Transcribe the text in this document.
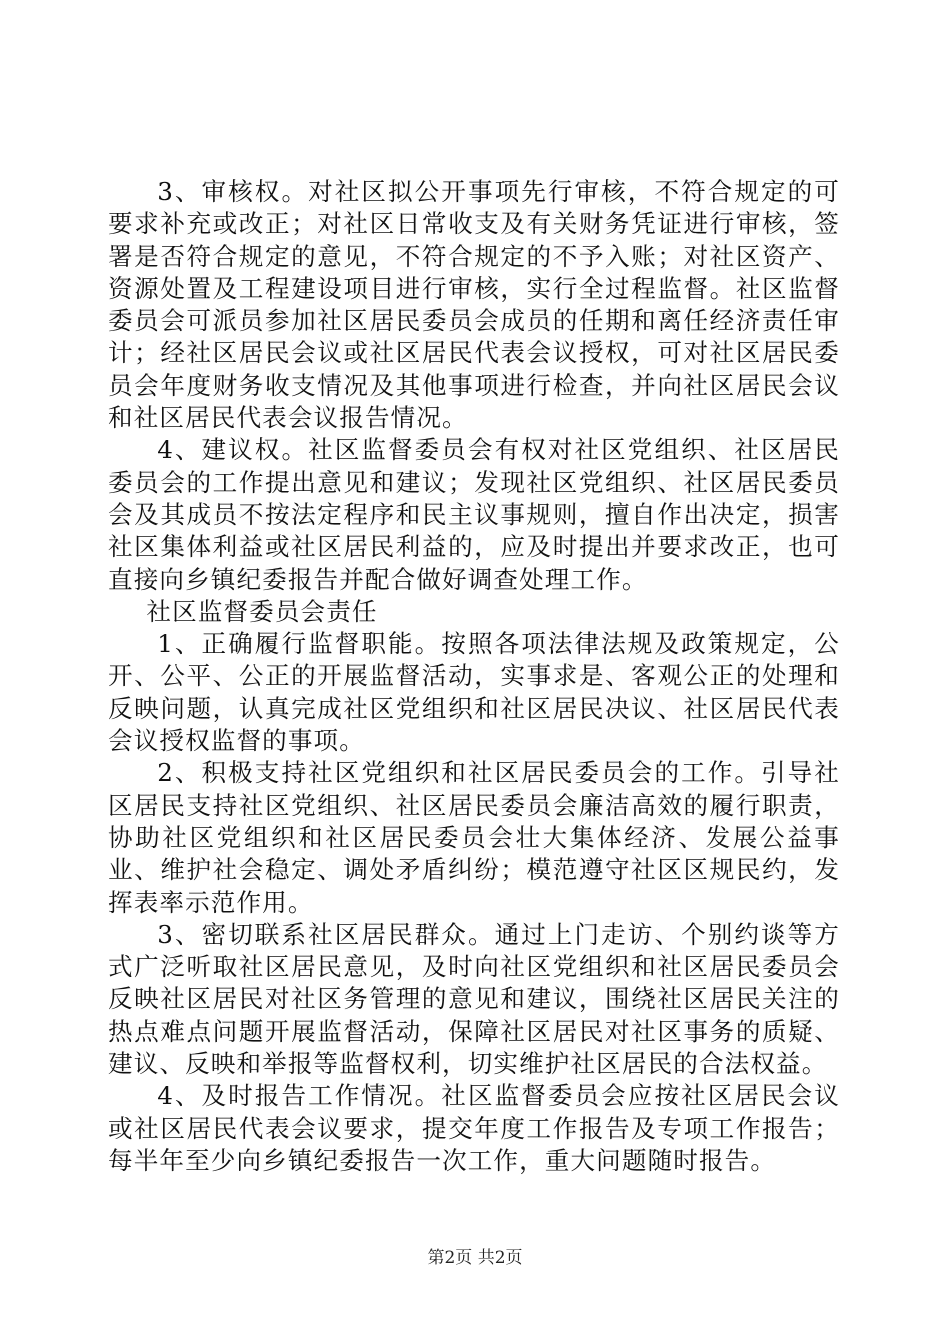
3、审核权。对社区拟公开事项先行审核，不符合规定的可要求补充或改正；对社区日常收支及有关财务凭证进行审核，签署是否符合规定的意见，不符合规定的不予入账；对社区资产、资源处置及工程建设项目进行审核，实行全过程监督。社区监督委员会可派员参加社区居民委员会成员的任期和离任经济责任审计；经社区居民会议或社区居民代表会议授权，可对社区居民委员会年度财务收支情况及其他事项进行检查，并向社区居民会议和社区居民代表会议报告情况。

4、建议权。社区监督委员会有权对社区党组织、社区居民委员会的工作提出意见和建议；发现社区党组织、社区居民委员会及其成员不按法定程序和民主议事规则，擅自作出决定，损害社区集体利益或社区居民利益的，应及时提出并要求改正，也可直接向乡镇纪委报告并配合做好调查处理工作。

社区监督委员会责任

1、正确履行监督职能。按照各项法律法规及政策规定，公开、公平、公正的开展监督活动，实事求是、客观公正的处理和反映问题，认真完成社区党组织和社区居民决议、社区居民代表会议授权监督的事项。

2、积极支持社区党组织和社区居民委员会的工作。引导社区居民支持社区党组织、社区居民委员会廉洁高效的履行职责，协助社区党组织和社区居民委员会壮大集体经济、发展公益事业、维护社会稳定、调处矛盾纠纷；模范遵守社区区规民约，发挥表率示范作用。

3、密切联系社区居民群众。通过上门走访、个别约谈等方式广泛听取社区居民意见，及时向社区党组织和社区居民委员会反映社区居民对社区务管理的意见和建议，围绕社区居民关注的热点难点问题开展监督活动，保障社区居民对社区事务的质疑、建议、反映和举报等监督权利，切实维护社区居民的合法权益。

4、及时报告工作情况。社区监督委员会应按社区居民会议或社区居民代表会议要求，提交年度工作报告及专项工作报告；每半年至少向乡镇纪委报告一次工作，重大问题随时报告。

第2页 共2页
